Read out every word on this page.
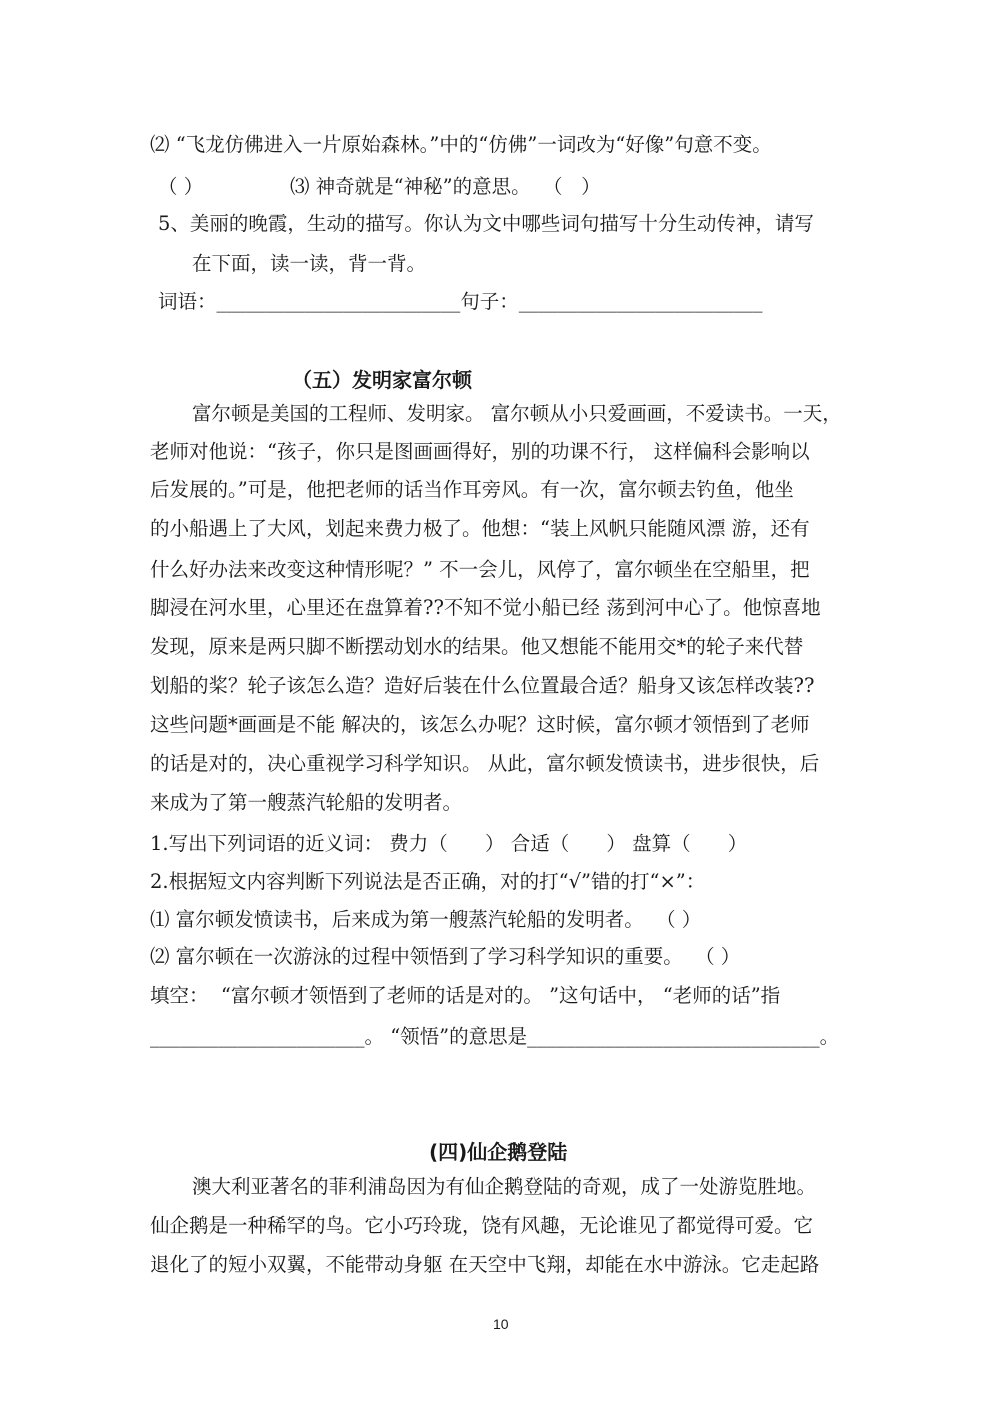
⑵ “飞龙仿佛进入一片原始森林。”中的“仿佛”一词改为“好像”句意不变。
（ ）              ⑶ 神奇就是“神秘”的意思。  （   ）
5、美丽的晚霞，生动的描写。你认为文中哪些词句描写十分生动传神，请写
在下面，读一读，背一背。
词语：_________________________句子：_________________________
（五）发明家富尔顿
富尔顿是美国的工程师、发明家。 富尔顿从小只爱画画，不爱读书。一天，
老师对他说：“孩子，你只是图画画得好，别的功课不行， 这样偏科会影响以
后发展的。”可是，他把老师的话当作耳旁风。有一次，富尔顿去钓鱼，他坐
的小船遇上了大风，划起来费力极了。他想：“装上风帆只能随风漂 游，还有
什么好办法来改变这种情形呢？” 不一会儿，风停了，富尔顿坐在空船里，把
脚浸在河水里，心里还在盘算着??不知不觉小船已经 荡到河中心了。他惊喜地
发现，原来是两只脚不断摆动划水的结果。他又想能不能用交*的轮子来代替
划船的桨？轮子该怎么造？造好后装在什么位置最合适？船身又该怎样改装??
这些问题*画画是不能 解决的，该怎么办呢？这时候，富尔顿才领悟到了老师
的话是对的，决心重视学习科学知识。 从此，富尔顿发愤读书，进步很快，后
来成为了第一艘蒸汽轮船的发明者。
1.写出下列词语的近义词： 费力（      ） 合适（      ） 盘算（      ）
2.根据短文内容判断下列说法是否正确，对的打“√”错的打“×”：
⑴ 富尔顿发愤读书，后来成为第一艘蒸汽轮船的发明者。  （ ）
⑵ 富尔顿在一次游泳的过程中领悟到了学习科学知识的重要。  （ ）
填空：  “富尔顿才领悟到了老师的话是对的。 ”这句话中， “老师的话”指
______________________。 “领悟”的意思是______________________________。
(四)仙企鹅登陆
澳大利亚著名的菲利浦岛因为有仙企鹅登陆的奇观，成了一处游览胜地。
仙企鹅是一种稀罕的鸟。它小巧玲珑，饶有风趣，无论谁见了都觉得可爱。它
退化了的短小双翼，不能带动身躯 在天空中飞翔，却能在水中游泳。它走起路
10
